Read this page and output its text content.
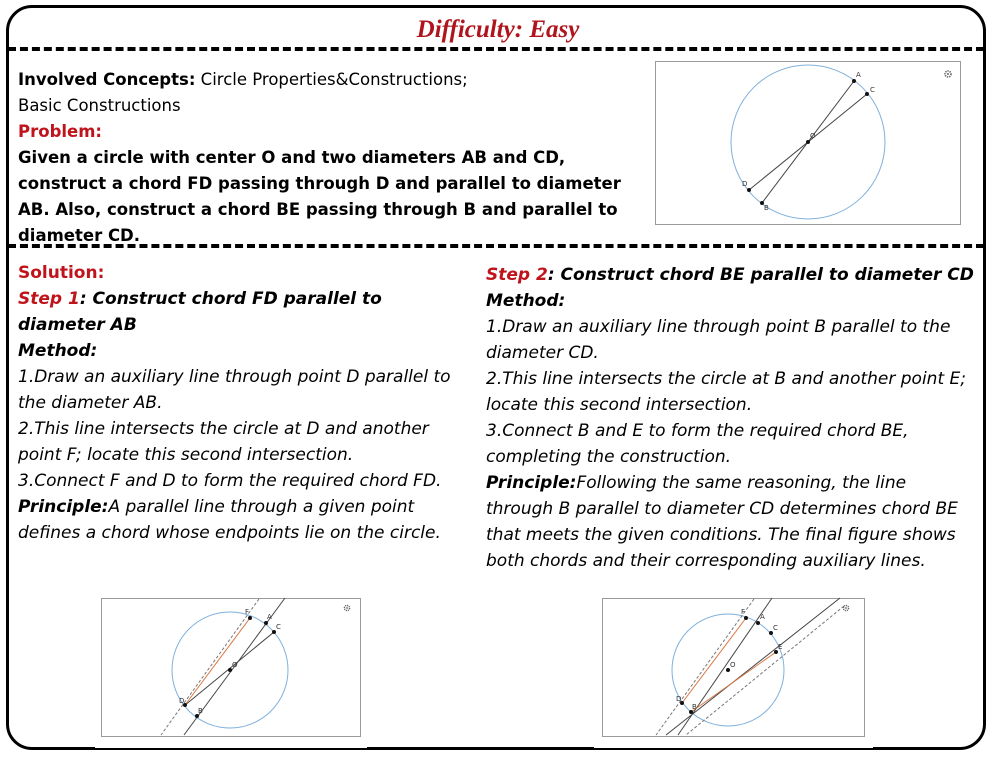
Difficulty: Easy
Involved Concepts: Circle Properties&Constructions;
Basic Constructions
Problem:
Given a circle with center O and two diameters AB and CD, construct a chord FD passing through D and parallel to diameter AB. Also, construct a chord BE passing through B and parallel to diameter CD.
A
C
O
D
B
Solution:
Step 1: Construct chord FD parallel to diameter AB
Method:
1.Draw an auxiliary line through point D parallel to the diameter AB.
2.This line intersects the circle at D and another point F; locate this second intersection.
3.Connect F and D to form the required chord FD.
Principle:A parallel line through a given point defines a chord whose endpoints lie on the circle.
Step 2: Construct chord BE parallel to diameter CD
Method:
1.Draw an auxiliary line through point B parallel to the diameter CD.
2.This line intersects the circle at B and another point E; locate this second intersection.
3.Connect B and E to form the required chord BE, completing the construction.
Principle:Following the same reasoning, the line through B parallel to diameter CD determines chord BE that meets the given conditions. The final figure shows both chords and their corresponding auxiliary lines.
F
A
C
O
D
B
F
A
C
E
O
D
B
